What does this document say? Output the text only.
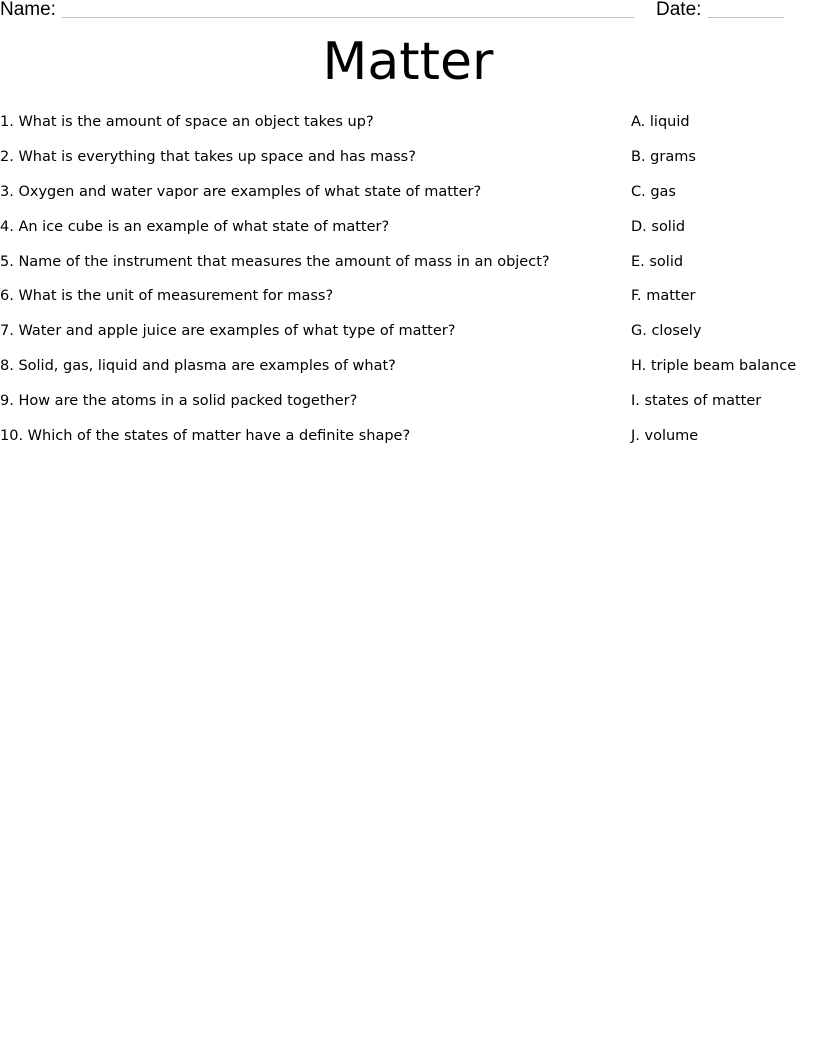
Name:	Date:
Matter
1. What is the amount of space an object takes up?
2. What is everything that takes up space and has mass?
3. Oxygen and water vapor are examples of what state of matter?
4. An ice cube is an example of what state of matter?
5. Name of the instrument that measures the amount of mass in an object?
6. What is the unit of measurement for mass?
7. Water and apple juice are examples of what type of matter?
8. Solid, gas, liquid and plasma are examples of what?
9. How are the atoms in a solid packed together?
10. Which of the states of matter have a definite shape?
A. liquid
B. grams
C. gas
D. solid
E. solid
F. matter
G. closely
H. triple beam balance
I. states of matter
J. volume
